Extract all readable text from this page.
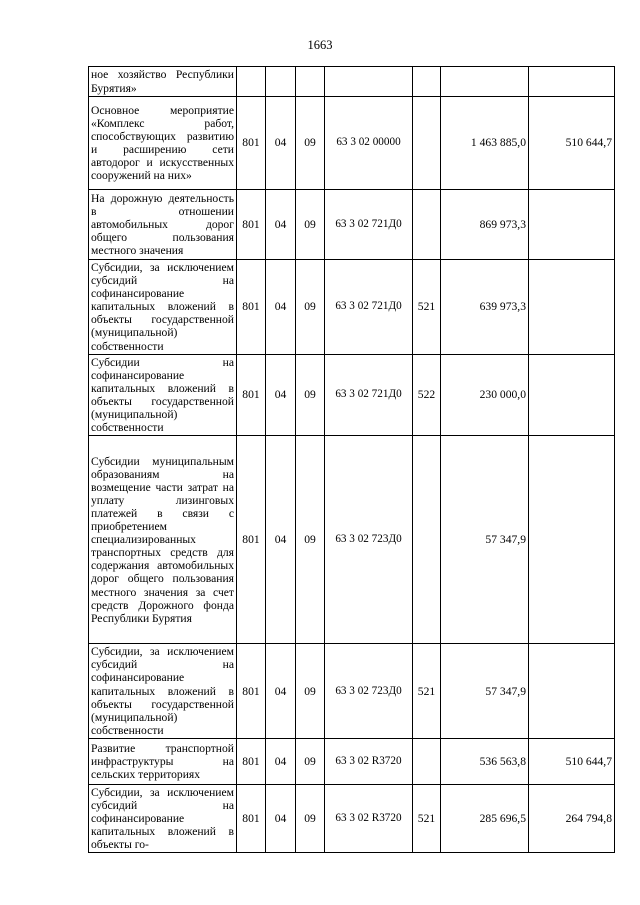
1663
ное хозяйство Республики Бурятия»							
Основное мероприятие «Комплекс работ, способствующих развитию и расширению сети автодорог и искусственных сооружений на них»	801	04	09	63 3 02 00000		1 463 885,0	510 644,7
На дорожную деятельность в отношении автомобильных дорог общего пользования местного значения	801	04	09	63 3 02 721Д0		869 973,3	
Субсидии, за исключением субсидий на софинансирование капитальных вложений в объекты государственной (муниципальной) собственности	801	04	09	63 3 02 721Д0	521	639 973,3	
Субсидии на софинансирование капитальных вложений в объекты государственной (муниципальной) собственности	801	04	09	63 3 02 721Д0	522	230 000,0	
Субсидии муниципальным образованиям на возмещение части затрат на уплату лизинговых платежей в связи с приобретением специализированных транспортных средств для содержания автомобильных дорог общего пользования местного значения за счет средств Дорожного фонда Республики Бурятия	801	04	09	63 3 02 723Д0		57 347,9	
Субсидии, за исключением субсидий на софинансирование капитальных вложений в объекты государственной (муниципальной) собственности	801	04	09	63 3 02 723Д0	521	57 347,9	
Развитие транспортной инфраструктуры на сельских территориях	801	04	09	63 3 02 R3720		536 563,8	510 644,7
Субсидии, за исключением субсидий на софинансирование капитальных вложений в объекты го-	801	04	09	63 3 02 R3720	521	285 696,5	264 794,8
